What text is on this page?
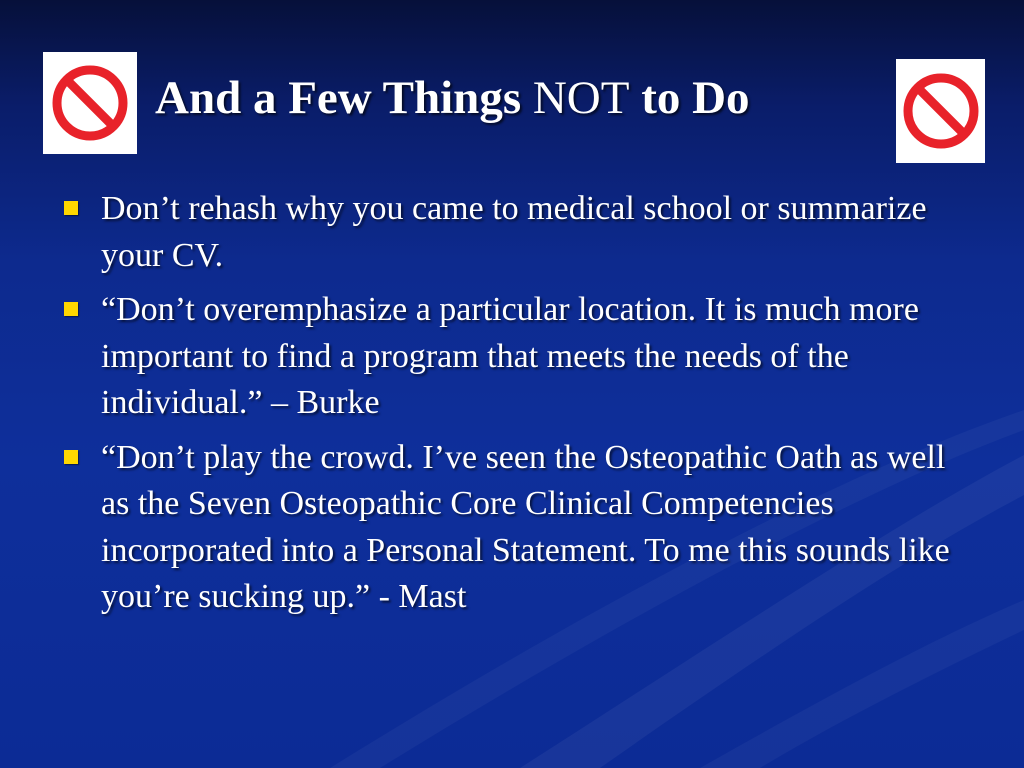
And a Few Things NOT to Do
Don’t rehash why you came to medical school or summarize your CV.
“Don’t overemphasize a particular location. It is much more important to find a program that meets the needs of the individual.” – Burke
“Don’t play the crowd. I’ve seen the Osteopathic Oath as well as the Seven Osteopathic Core Clinical Competencies incorporated into a Personal Statement. To me this sounds like you’re sucking up.” - Mast
